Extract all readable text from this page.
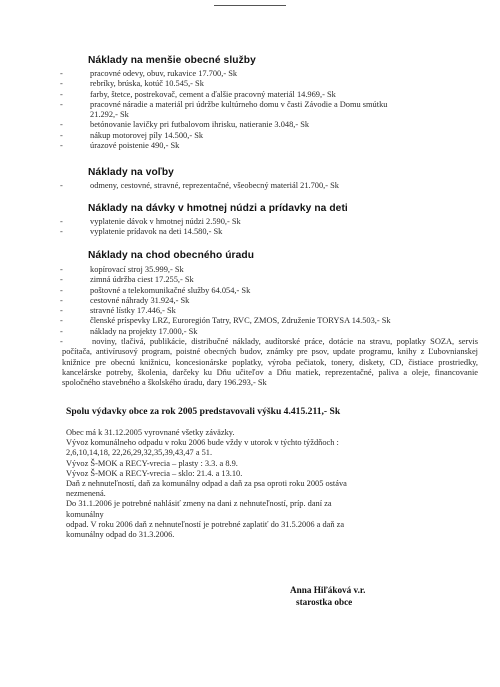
Náklady na menšie obecné služby
-	pracovné odevy, obuv, rukavice 17.700,- Sk
-	rebríky, brúska, kotúč 10.545,- Sk
-	farby, štetce, postrekovač, cement a ďalšie pracovný materiál 14.969,- Sk
-	pracovné náradie a materiál pri údržbe kultúrneho domu v časti Závodie a Domu smútku
21.292,- Sk
-	betónovanie lavičky pri futbalovom ihrisku, natieranie 3.048,- Sk
-	nákup motorovej píly 14.500,- Sk
-	úrazové poistenie 490,- Sk
Náklady na voľby
-	odmeny, cestovné, stravné, reprezentačné, všeobecný materiál 21.700,- Sk
Náklady na dávky v hmotnej núdzi a prídavky na deti
-	vyplatenie dávok v hmotnej núdzi 2.590,- Sk
-	vyplatenie prídavok na deti 14.580,- Sk
Náklady na chod obecného úradu
-	kopírovací stroj 35.999,- Sk
-	zimná údržba ciest 17.255,- Sk
-	poštovné a telekomunikačné služby 64.054,- Sk
-	cestovné náhrady 31.924,- Sk
-	stravné lístky 17.446,- Sk
-	členské príspevky LRZ, Euroregión Tatry, RVC, ZMOS, Združenie TORYSA 14.503,- Sk
-	náklady na projekty 17.000,- Sk
-	noviny, tlačivá, publikácie, distribučné náklady, audítorské práce, dotácie na stravu, poplatky SOZA, servis počítača, antivírusový program, poistné obecných budov, známky pre psov, update programu, knihy z Ľubovnianskej knižnice pre obecnú knižnicu, koncesionárske poplatky, výroba pečiatok, tonery, diskety, CD, čistiace prostriedky, kancelárske potreby, školenia, darčeky ku Dňu učiteľov a Dňu matiek, reprezentačné, paliva a oleje, financovanie spoločného stavebného a školského úradu, dary 196.293,- Sk
Spolu výdavky obce za rok 2005 predstavovali výšku 4.415.211,- Sk

Obec má k 31.12.2005 vyrovnané všetky záväzky.

Vývoz komunálneho odpadu v roku 2006 bude vždy v utorok v týchto týždňoch :

2,6,10,14,18, 22,26,29,32,35,39,43,47 a 51.

Vývoz Š-MOK a RECY-vrecia – plasty : 3.3. a 8.9.

Vývoz Š-MOK a RECY-vrecia – sklo: 21.4. a 13.10.

Daň z nehnuteľností, daň za komunálny odpad a daň za psa oproti roku 2005 ostáva

nezmenená.

Do 31.1.2006 je potrebné nahlásiť zmeny na dani z nehnuteľností, príp. daní za komunálny

odpad. V roku 2006 daň z nehnuteľností je potrebné zaplatiť do 31.5.2006 a daň za

komunálny odpad do 31.3.2006.

Anna Hiľáková v.r.
starostka obce
